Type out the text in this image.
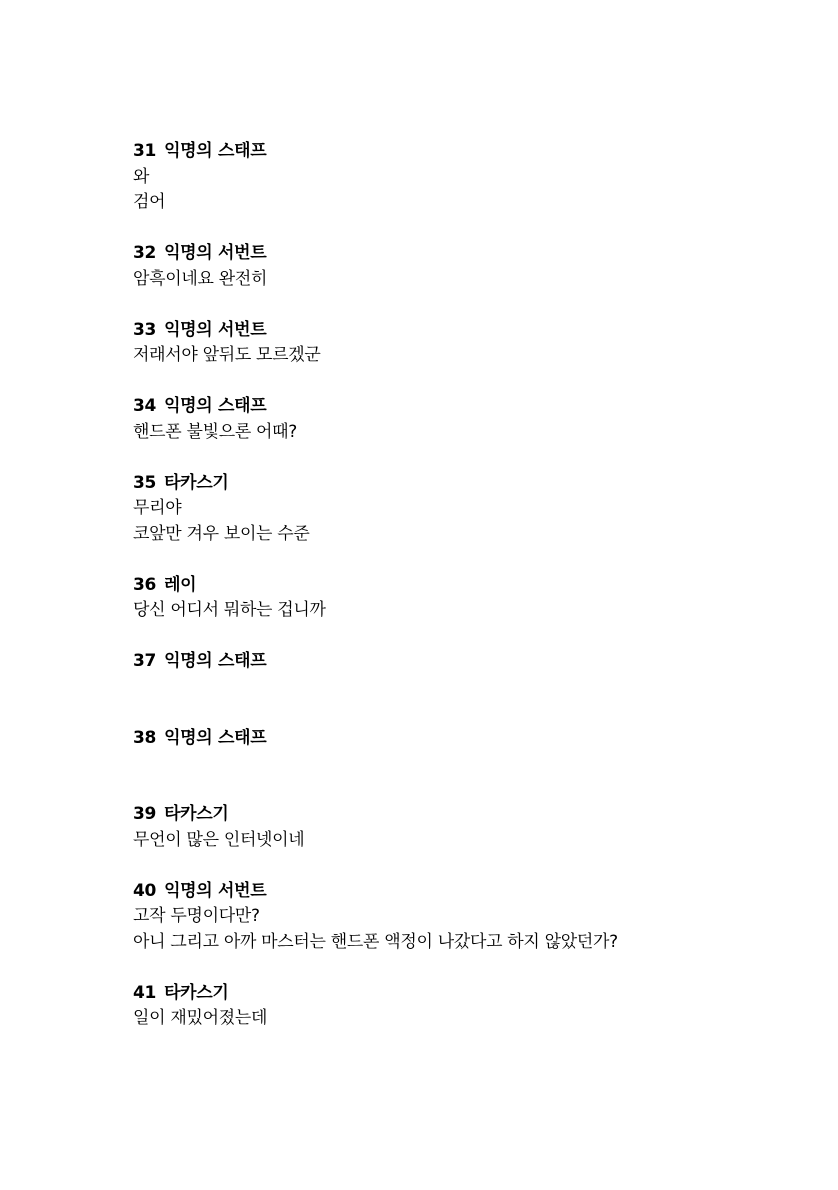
31 익명의 스태프
와
검어
32 익명의 서번트
암흑이네요 완전히
33 익명의 서번트
저래서야 앞뒤도 모르겠군
34 익명의 스태프
핸드폰 불빛으론 어때?
35 타카스기
무리야
코앞만 겨우 보이는 수준
36 레이
당신 어디서 뭐하는 겁니까
37 익명의 스태프
38 익명의 스태프
39 타카스기
무언이 많은 인터넷이네
40 익명의 서번트
고작 두명이다만?
아니 그리고 아까 마스터는 핸드폰 액정이 나갔다고 하지 않았던가?
41 타카스기
일이 재밌어졌는데
